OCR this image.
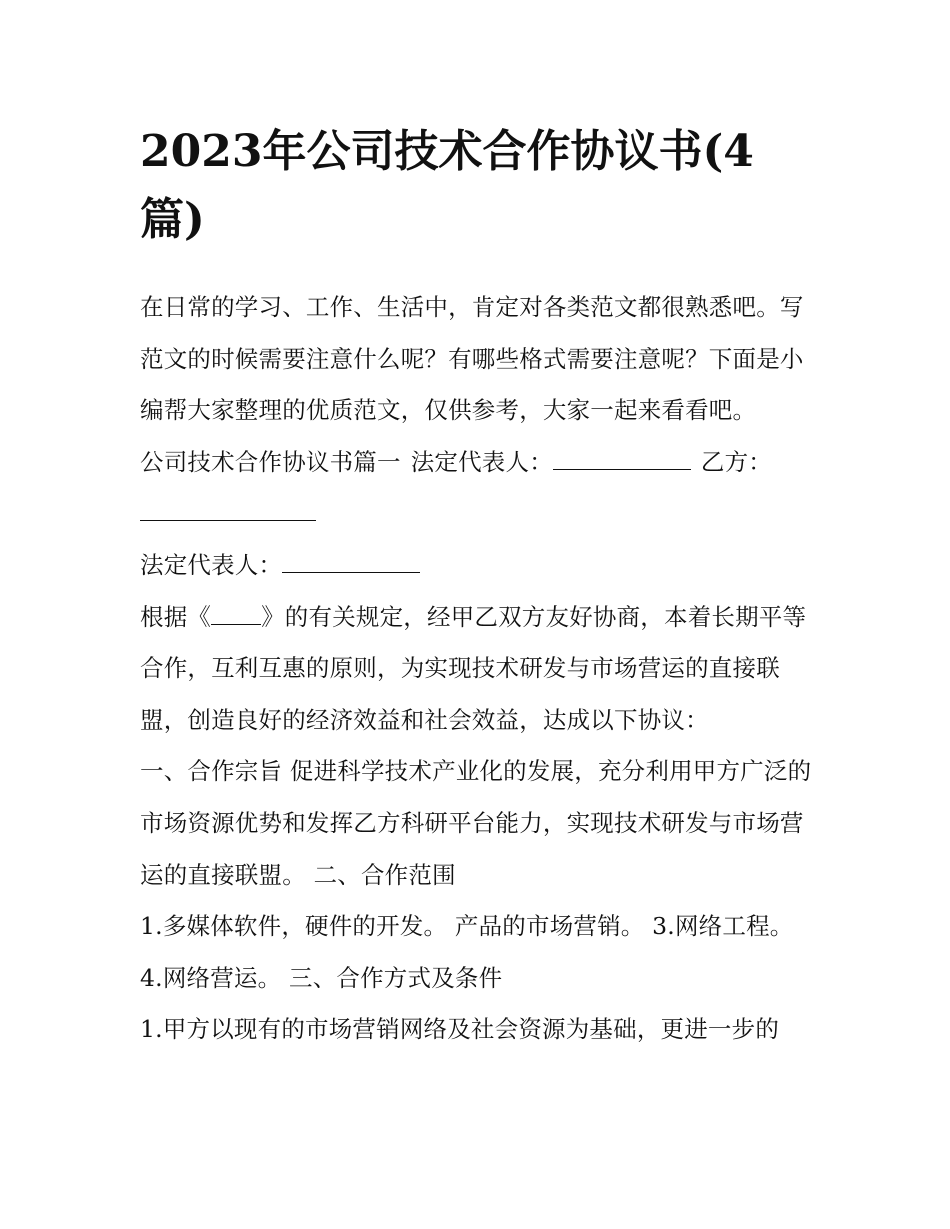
2023年公司技术合作协议书(4篇)

在日常的学习、工作、生活中，肯定对各类范文都很熟悉吧。写范文的时候需要注意什么呢？有哪些格式需要注意呢？下面是小编帮大家整理的优质范文，仅供参考，大家一起来看看吧。

公司技术合作协议书篇一 法定代表人：	乙方：

法定代表人：

根据《 》的有关规定，经甲乙双方友好协商，本着长期平等合作，互利互惠的原则，为实现技术研发与市场营运的直接联盟，创造良好的经济效益和社会效益，达成以下协议：

一、合作宗旨 促进科学技术产业化的发展，充分利用甲方广泛的市场资源优势和发挥乙方科研平台能力，实现技术研发与市场营运的直接联盟。 二、合作范围

1.多媒体软件，硬件的开发。 产品的市场营销。 3.网络工程。 4.网络营运。 三、合作方式及条件

1.甲方以现有的市场营销网络及社会资源为基础，更进一步的
